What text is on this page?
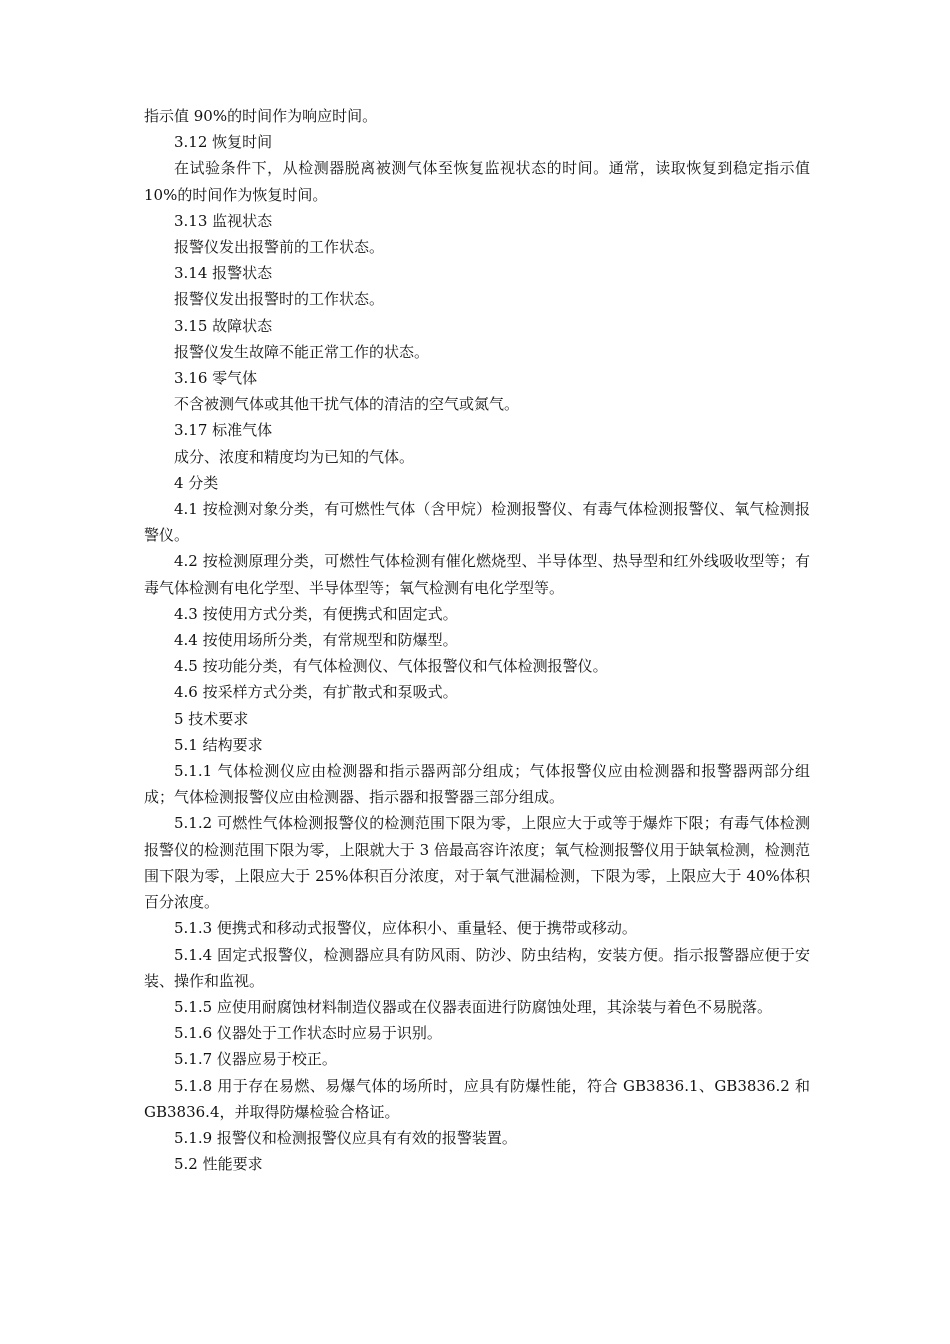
指示值 90%的时间作为响应时间。

3.12 恢复时间

在试验条件下，从检测器脱离被测气体至恢复监视状态的时间。通常，读取恢复到稳定指示值 10%的时间作为恢复时间。

3.13 监视状态

报警仪发出报警前的工作状态。

3.14 报警状态

报警仪发出报警时的工作状态。

3.15 故障状态

报警仪发生故障不能正常工作的状态。

3.16 零气体

不含被测气体或其他干扰气体的清洁的空气或氮气。

3.17 标准气体

成分、浓度和精度均为已知的气体。

4 分类

4.1 按检测对象分类，有可燃性气体（含甲烷）检测报警仪、有毒气体检测报警仪、氧气检测报警仪。

4.2 按检测原理分类，可燃性气体检测有催化燃烧型、半导体型、热导型和红外线吸收型等；有毒气体检测有电化学型、半导体型等；氧气检测有电化学型等。

4.3 按使用方式分类，有便携式和固定式。

4.4 按使用场所分类，有常规型和防爆型。

4.5 按功能分类，有气体检测仪、气体报警仪和气体检测报警仪。

4.6 按采样方式分类，有扩散式和泵吸式。

5 技术要求

5.1 结构要求

5.1.1 气体检测仪应由检测器和指示器两部分组成；气体报警仪应由检测器和报警器两部分组成；气体检测报警仪应由检测器、指示器和报警器三部分组成。

5.1.2 可燃性气体检测报警仪的检测范围下限为零，上限应大于或等于爆炸下限；有毒气体检测报警仪的检测范围下限为零，上限就大于 3 倍最高容许浓度；氧气检测报警仪用于缺氧检测，检测范围下限为零，上限应大于 25%体积百分浓度，对于氧气泄漏检测，下限为零，上限应大于 40%体积百分浓度。

5.1.3 便携式和移动式报警仪，应体积小、重量轻、便于携带或移动。

5.1.4 固定式报警仪，检测器应具有防风雨、防沙、防虫结构，安装方便。指示报警器应便于安装、操作和监视。

5.1.5 应使用耐腐蚀材料制造仪器或在仪器表面进行防腐蚀处理，其涂装与着色不易脱落。

5.1.6 仪器处于工作状态时应易于识别。

5.1.7 仪器应易于校正。

5.1.8 用于存在易燃、易爆气体的场所时，应具有防爆性能，符合 GB3836.1、GB3836.2 和 GB3836.4，并取得防爆检验合格证。

5.1.9 报警仪和检测报警仪应具有有效的报警装置。

5.2 性能要求
